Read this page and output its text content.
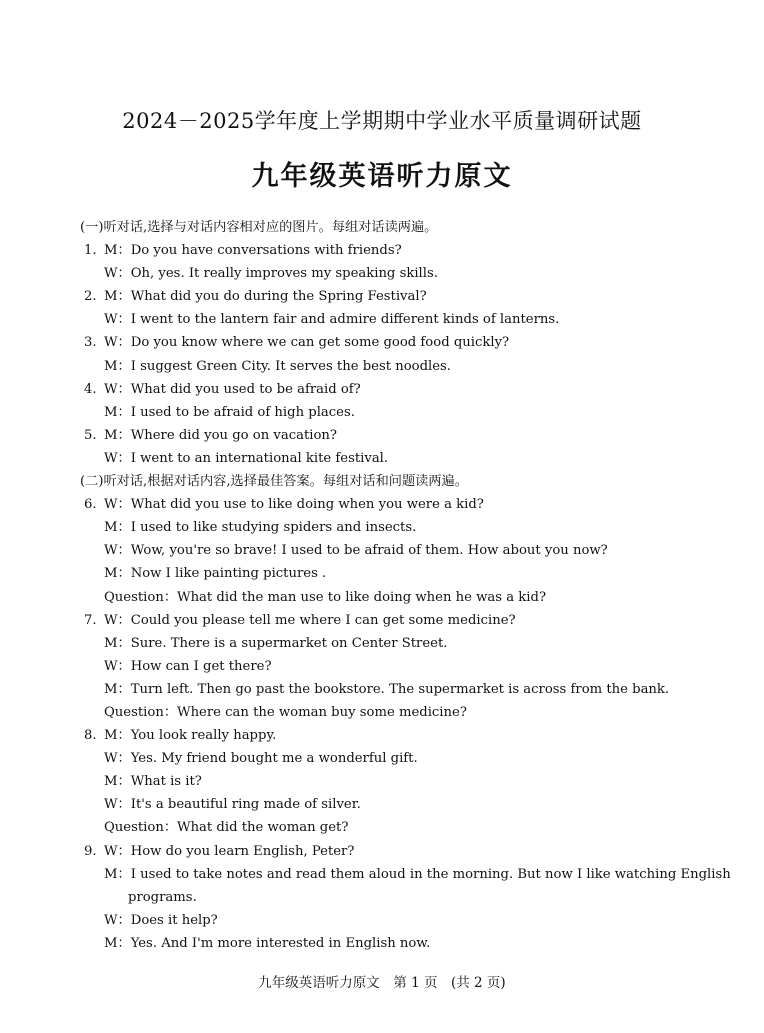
2024－2025学年度上学期期中学业水平质量调研试题
九年级英语听力原文
(一)听对话,选择与对话内容相对应的图片。每组对话读两遍。
1. M：Do you have conversations with friends?
W：Oh, yes. It really improves my speaking skills.
2. M：What did you do during the Spring Festival?
W：I went to the lantern fair and admire different kinds of lanterns.
3. W：Do you know where we can get some good food quickly?
M：I suggest Green City. It serves the best noodles.
4. W：What did you used to be afraid of?
M：I used to be afraid of high places.
5. M：Where did you go on vacation?
W：I went to an international kite festival.
(二)听对话,根据对话内容,选择最佳答案。每组对话和问题读两遍。
6. W：What did you use to like doing when you were a kid?
M：I used to like studying spiders and insects.
W：Wow, you're so brave! I used to be afraid of them. How about you now?
M：Now I like painting pictures .
Question：What did the man use to like doing when he was a kid?
7. W：Could you please tell me where I can get some medicine?
M：Sure. There is a supermarket on Center Street.
W：How can I get there?
M：Turn left. Then go past the bookstore. The supermarket is across from the bank.
Question：Where can the woman buy some medicine?
8. M：You look really happy.
W：Yes. My friend bought me a wonderful gift.
M：What is it?
W：It's a beautiful ring made of silver.
Question：What did the woman get?
9. W：How do you learn English, Peter?
M：I used to take notes and read them aloud in the morning. But now I like watching English
programs.
W：Does it help?
M：Yes. And I'm more interested in English now.
九年级英语听力原文　第 1 页　(共 2 页)
